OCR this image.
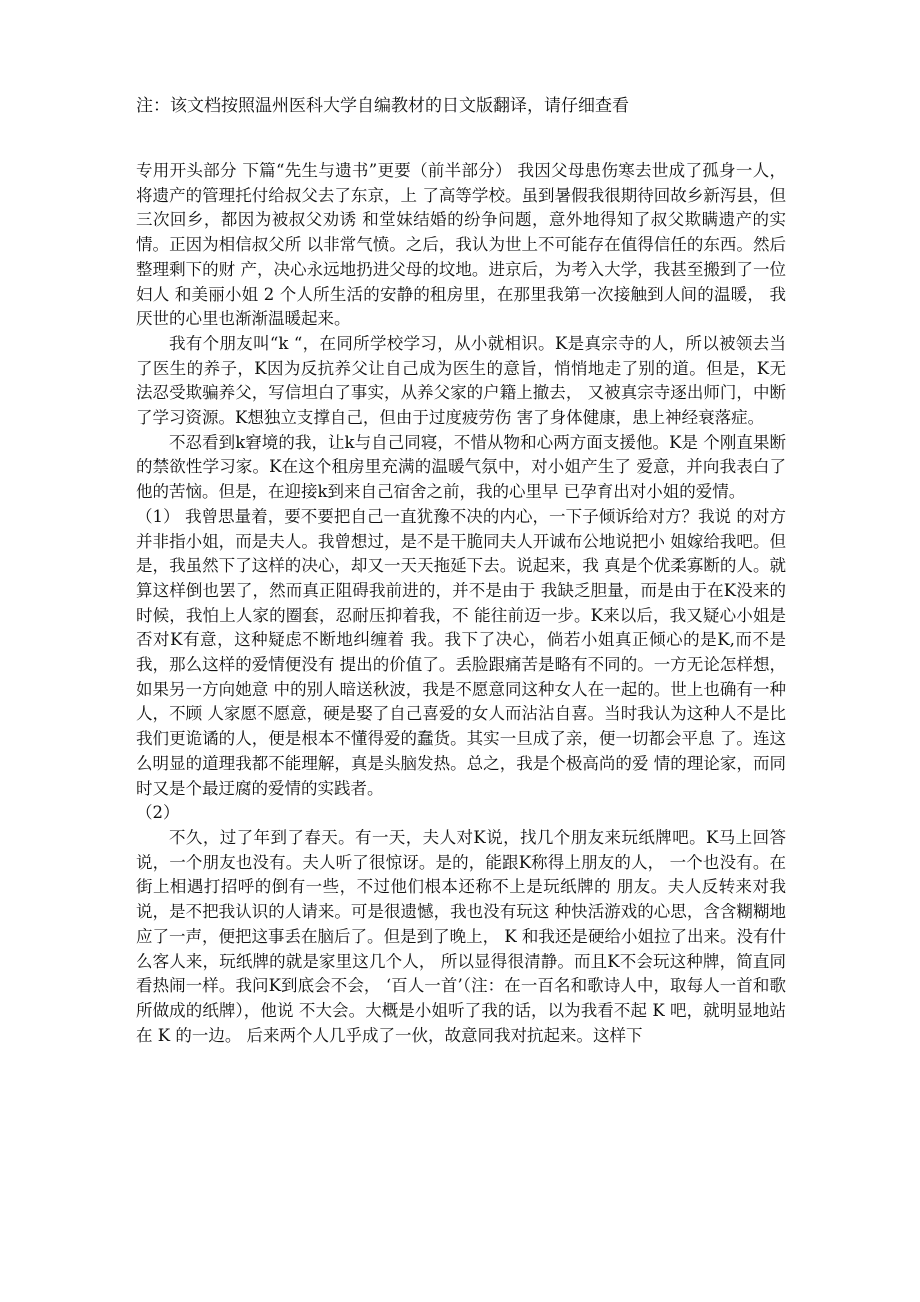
注：该文档按照温州医科大学自编教材的日文版翻译，请仔细查看

专用开头部分 下篇“先生与遗书”更要（前半部分） 我因父母患伤寒去世成了孤身一人，将遗产的管理托付给叔父去了东京，上 了高等学校。虽到暑假我很期待回故乡新泻县，但三次回乡，都因为被叔父劝诱 和堂妹结婚的纷争问题，意外地得知了叔父欺瞒遗产的实情。正因为相信叔父所 以非常气愤。之后，我认为世上不可能存在值得信任的东西。然后整理剩下的财 产，决心永远地扔进父母的坟地。进京后，为考入大学，我甚至搬到了一位妇人 和美丽小姐 2 个人所生活的安静的租房里，在那里我第一次接触到人间的温暖， 我厌世的心里也渐渐温暖起来。

我有个朋友叫“k “，在同所学校学习，从小就相识。K是真宗寺的人，所以被领去当了医生的养子，K因为反抗养父让自己成为医生的意旨，悄悄地走了别的道。但是，K无法忍受欺骗养父，写信坦白了事实，从养父家的户籍上撤去， 又被真宗寺逐出师门，中断了学习资源。K想独立支撑自己，但由于过度疲劳伤 害了身体健康，患上神经衰落症。

不忍看到k窘境的我，让k与自己同寝，不惜从物和心两方面支援他。K是 个刚直果断的禁欲性学习家。K在这个租房里充满的温暖气氛中，对小姐产生了 爱意，并向我表白了他的苦恼。但是，在迎接k到来自己宿舍之前，我的心里早 已孕育出对小姐的爱情。

（1） 我曾思量着，要不要把自己一直犹豫不决的内心，一下子倾诉给对方？我说 的对方并非指小姐，而是夫人。我曾想过，是不是干脆同夫人开诚布公地说把小 姐嫁给我吧。但是，我虽然下了这样的决心，却又一天天拖延下去。说起来，我 真是个优柔寡断的人。就算这样倒也罢了，然而真正阻碍我前进的，并不是由于 我缺乏胆量，而是由于在K没来的时候，我怕上人家的圈套，忍耐压抑着我，不 能往前迈一步。K来以后，我又疑心小姐是否对K有意，这种疑虑不断地纠缠着 我。我下了决心，倘若小姐真正倾心的是K,而不是我，那么这样的爱情便没有 提出的价值了。丢脸跟痛苦是略有不同的。一方无论怎样想，如果另一方向她意 中的别人暗送秋波，我是不愿意同这种女人在一起的。世上也确有一种人，不顾 人家愿不愿意，硬是娶了自己喜爱的女人而沾沾自喜。当时我认为这种人不是比 我们更诡谲的人，便是根本不懂得爱的蠢货。其实一旦成了亲，便一切都会平息 了。连这么明显的道理我都不能理解，真是头脑发热。总之，我是个极高尚的爱 情的理论家，而同时又是个最迂腐的爱情的实践者。

（2）

不久，过了年到了春天。有一天，夫人对K说，找几个朋友来玩纸牌吧。K马上回答说，一个朋友也没有。夫人听了很惊讶。是的，能跟K称得上朋友的人， 一个也没有。在街上相遇打招呼的倒有一些，不过他们根本还称不上是玩纸牌的 朋友。夫人反转来对我说，是不把我认识的人请来。可是很遗憾，我也没有玩这 种快活游戏的心思，含含糊糊地应了一声，便把这事丢在脑后了。但是到了晚上， K 和我还是硬给小姐拉了出来。没有什么客人来，玩纸牌的就是家里这几个人， 所以显得很清静。而且K不会玩这种牌，简直同看热闹一样。我问K到底会不会， ‘百人一首’（注：在一百名和歌诗人中，取每人一首和歌所做成的纸牌），他说 不大会。大概是小姐听了我的话，以为我看不起 K 吧，就明显地站在 K 的一边。 后来两个人几乎成了一伙，故意同我对抗起来。这样下
